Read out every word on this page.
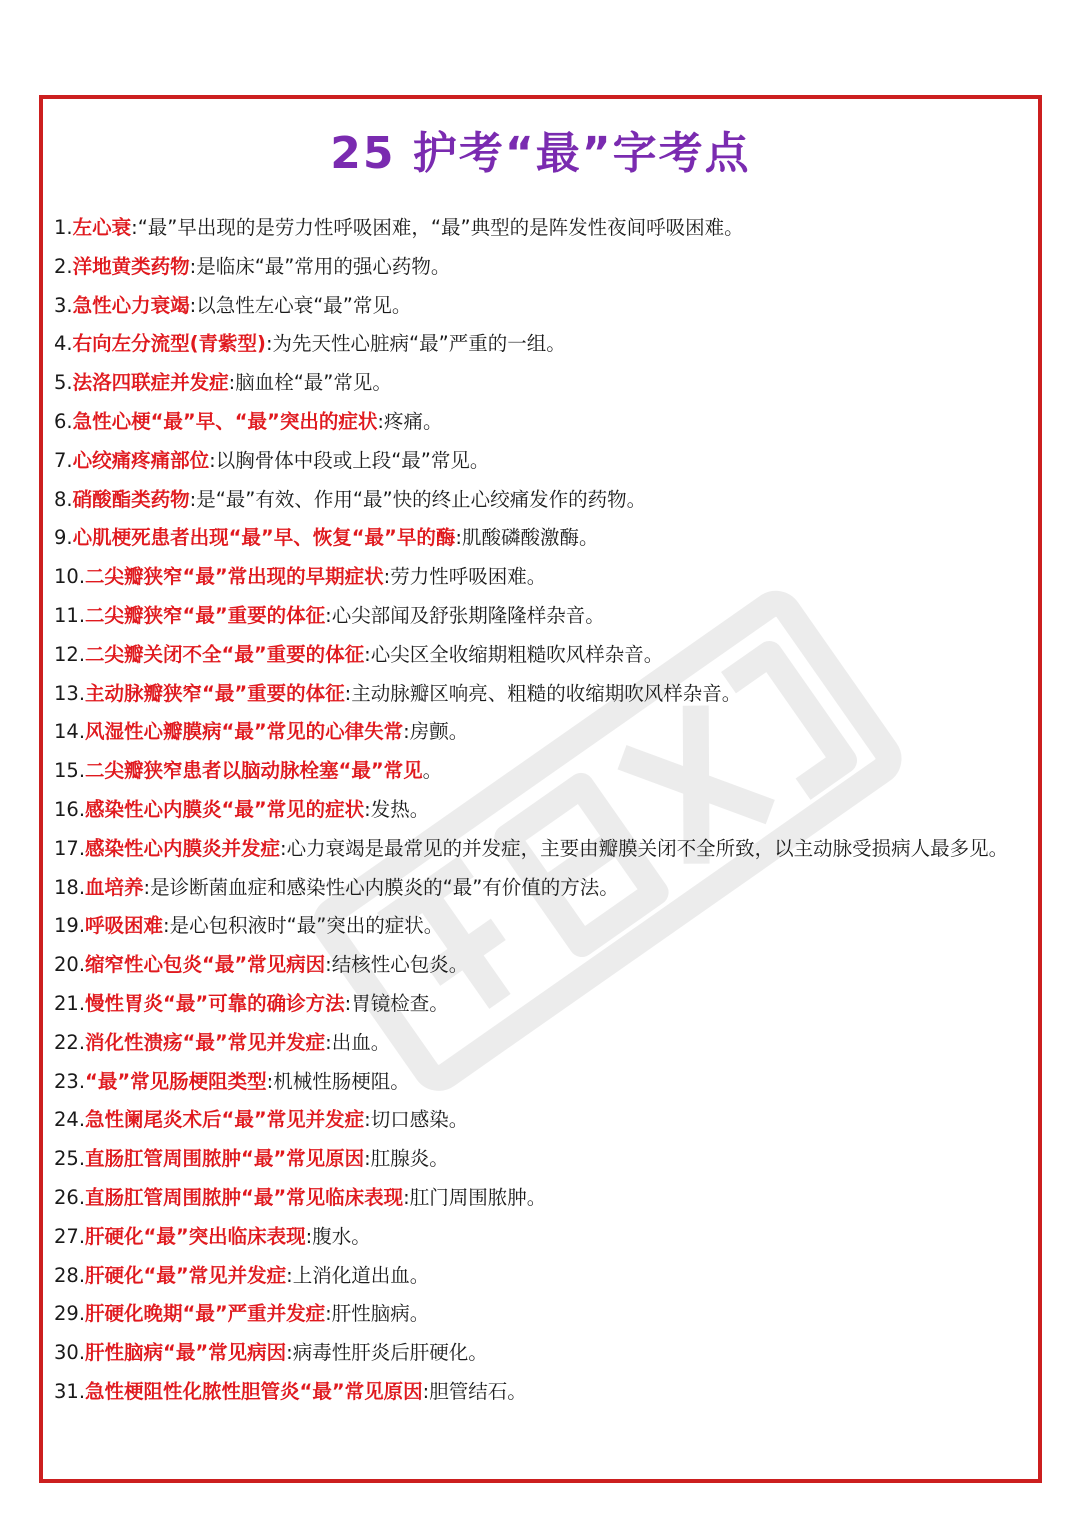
25 护考“最”字考点
1.左心衰:“最”早出现的是劳力性呼吸困难，“最”典型的是阵发性夜间呼吸困难。
2.洋地黄类药物:是临床“最”常用的强心药物。
3.急性心力衰竭:以急性左心衰“最”常见。
4.右向左分流型(青紫型):为先天性心脏病“最”严重的一组。
5.法洛四联症并发症:脑血栓“最”常见。
6.急性心梗“最”早、“最”突出的症状:疼痛。
7.心绞痛疼痛部位:以胸骨体中段或上段“最”常见。
8.硝酸酯类药物:是“最”有效、作用“最”快的终止心绞痛发作的药物。
9.心肌梗死患者出现“最”早、恢复“最”早的酶:肌酸磷酸激酶。
10.二尖瓣狭窄“最”常出现的早期症状:劳力性呼吸困难。
11.二尖瓣狭窄“最”重要的体征:心尖部闻及舒张期隆隆样杂音。
12.二尖瓣关闭不全“最”重要的体征:心尖区全收缩期粗糙吹风样杂音。
13.主动脉瓣狭窄“最”重要的体征:主动脉瓣区响亮、粗糙的收缩期吹风样杂音。
14.风湿性心瓣膜病“最”常见的心律失常:房颤。
15.二尖瓣狭窄患者以脑动脉栓塞“最”常见。
16.感染性心内膜炎“最”常见的症状:发热。
17.感染性心内膜炎并发症:心力衰竭是最常见的并发症，主要由瓣膜关闭不全所致，以主动脉受损病人最多见。
18.血培养:是诊断菌血症和感染性心内膜炎的“最”有价值的方法。
19.呼吸困难:是心包积液时“最”突出的症状。
20.缩窄性心包炎“最”常见病因:结核性心包炎。
21.慢性胃炎“最”可靠的确诊方法:胃镜检查。
22.消化性溃疡“最”常见并发症:出血。
23.“最”常见肠梗阻类型:机械性肠梗阻。
24.急性阑尾炎术后“最”常见并发症:切口感染。
25.直肠肛管周围脓肿“最”常见原因:肛腺炎。
26.直肠肛管周围脓肿“最”常见临床表现:肛门周围脓肿。
27.肝硬化“最”突出临床表现:腹水。
28.肝硬化“最”常见并发症:上消化道出血。
29.肝硬化晚期“最”严重并发症:肝性脑病。
30.肝性脑病“最”常见病因:病毒性肝炎后肝硬化。
31.急性梗阻性化脓性胆管炎“最”常见原因:胆管结石。
